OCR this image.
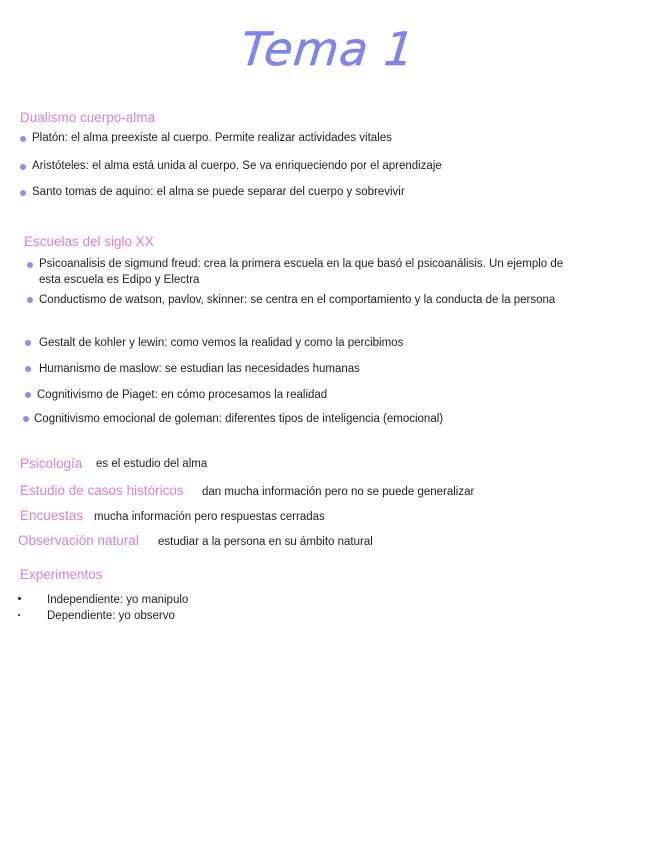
Tema 1
Dualismo cuerpo-alma
Platón: el alma preexiste al cuerpo. Permite realizar actividades vitales
Aristóteles: el alma está unida al cuerpo. Se va enriqueciendo por el aprendizaje
Santo tomas de aquino: el alma se puede separar del cuerpo y sobrevivir
Escuelas del siglo XX
Psicoanalisis de sigmund freud: crea la primera escuela en la que basó el psicoanálisis. Un ejemplo de esta escuela es Edipo y Electra
Conductismo de watson, pavlov, skinner: se centra en el comportamiento y la conducta de la persona
Gestalt de kohler y lewin: como vemos la realidad y como la percibimos
Humanismo de maslow: se estudian las necesidades humanas
Cognitivismo de Piaget: en cómo procesamos la realidad
Cognitivismo emocional de goleman: diferentes tipos de inteligencia (emocional)
Psicología es el estudio del alma
Estudio de casos históricos dan mucha información pero no se puede generalizar
Encuestas mucha información pero respuestas cerradas
Observación natural estudiar a la persona en su ámbito natural
Experimentos
Independiente: yo manipulo
Dependiente: yo observo
